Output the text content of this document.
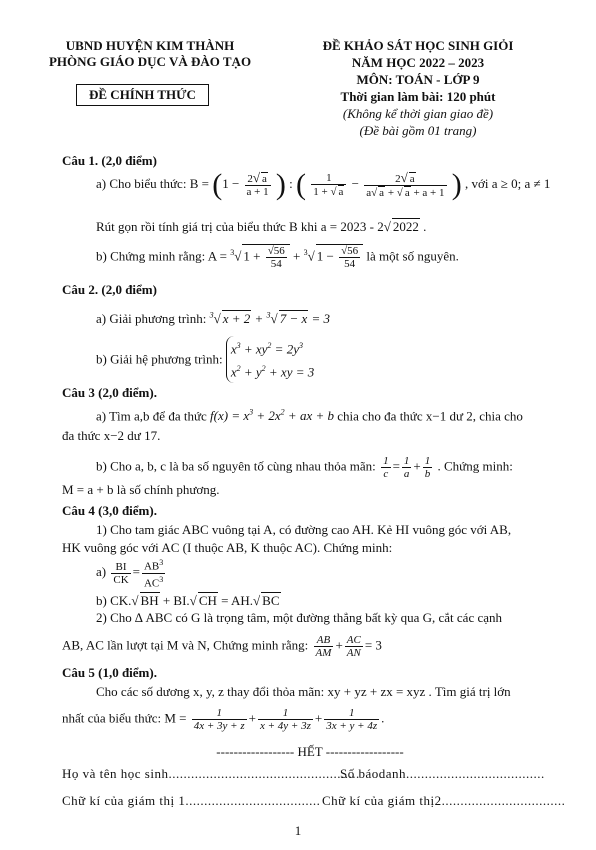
UBND HUYỆN KIM THÀNH
PHÒNG GIÁO DỤC VÀ ĐÀO TẠO
ĐỀ CHÍNH THỨC
ĐỀ KHẢO SÁT HỌC SINH GIỎI
NĂM HỌC 2022 – 2023
MÔN: TOÁN - LỚP 9
Thời gian làm bài: 120 phút
(Không kể thời gian giao đề)
(Đề bài gồm 01 trang)
Câu 1. (2,0 điểm)
a) Cho biểu thức: $B = (1 - \frac{2√ a}{a + 1}$ ) : ( $\frac{1}{1 + √ a} - \frac{2√ a}{a√ a + √ a + a + 1}$ ) , với a ≥ 0; a ≠ 1
Rút gọn rồi tính giá trị của biểu thức B khi a = 2023 - 2√ 2022 .
b) Chứng minh rằng: A = $^3$√ $1 + \frac{√56}{54} + ^3√$ $1 - \frac{√56}{54}$ là một số nguyên.
Câu 2. (2,0 điểm)
a) Giải phương trình: $^3$√ x + 2 + $^3$√ 7 − x = 3
b) Giải hệ phương trình: $x^3 + xy^2 = 2y^3$
$x^2 + y^2$ + xy = 3
Câu 3 (2,0 điểm).
a) Tìm a,b để đa thức $f(x) = x^3 + 2x^2$ + ax + b chia cho đa thức x−1 dư 2, chia cho
đa thức x−2 dư 17.
b) Cho a, b, c là ba số nguyên tố cùng nhau thỏa mãn: $\frac{1}{c} = \frac{1}{a} + \frac{1}{b}$ . Chứng minh:
M = a + b là số chính phương.
Câu 4 (3,0 điểm).
1) Cho tam giác ABC vuông tại A, có đường cao AH. Kẻ HI vuông góc với AB,
HK vuông góc với AC (I thuộc AB, K thuộc AC). Chứng minh:
$a) \frac{BI}{CK} = \frac{AB^3}{AC^3}$
b) CK.√ BH + BI.√ CH = AH.√ BC
2) Cho ∆ ABC có G là trọng tâm, một đường thẳng bất kỳ qua G, cắt các cạnh
AB, AC lần lượt tại M và N, Chứng minh rằng: $\frac{AB}{AM} + \frac{AC}{AN} = 3$
Câu 5 (1,0 điểm).
Cho các số dương x, y, z thay đổi thỏa mãn: xy + yz + zx = xyz . Tìm giá trị lớn
nhất của biểu thức: $M = \frac{1}{4x + 3y + z} + \frac{1}{x + 4y + 3z} + \frac{1}{3x + y + 4z}$ .
------------------ HẾT ------------------
Họ và tên học sinh...................................................
Số báodanh.....................................
Chữ kí của giám thị 1.................................... Chữ kí của giám thị2.................................
1
